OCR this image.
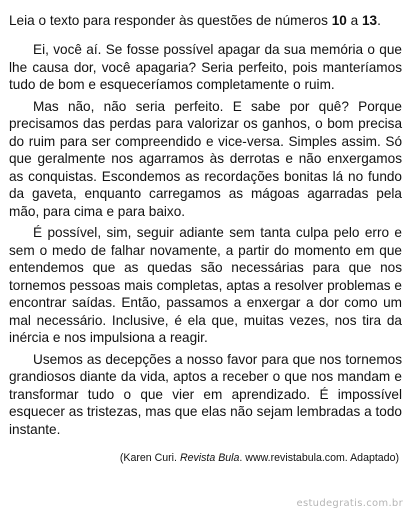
Leia o texto para responder às questões de números 10 a 13.

Ei, você aí. Se fosse possível apagar da sua memória o que lhe causa dor, você apagaria? Seria perfeito, pois manteríamos tudo de bom e esqueceríamos completamente o ruim.

Mas não, não seria perfeito. E sabe por quê? Porque precisamos das perdas para valorizar os ganhos, o bom precisa do ruim para ser compreendido e vice-versa. Simples assim. Só que geralmente nos agarramos às derrotas e não enxergamos as conquistas. Escondemos as recordações bonitas lá no fundo da gaveta, enquanto carregamos as mágoas agarradas pela mão, para cima e para baixo.

É possível, sim, seguir adiante sem tanta culpa pelo erro e sem o medo de falhar novamente, a partir do momento em que entendemos que as quedas são necessárias para que nos tornemos pessoas mais completas, aptas a resolver problemas e encontrar saídas. Então, passamos a enxergar a dor como um mal necessário. Inclusive, é ela que, muitas vezes, nos tira da inércia e nos impulsiona a reagir.

Usemos as decepções a nosso favor para que nos tornemos grandiosos diante da vida, aptos a receber o que nos mandam e transformar tudo o que vier em aprendizado. É impossível esquecer as tristezas, mas que elas não sejam lembradas a todo instante.

(Karen Curi. Revista Bula. www.revistabula.com. Adaptado)
estudegratis.com.br
